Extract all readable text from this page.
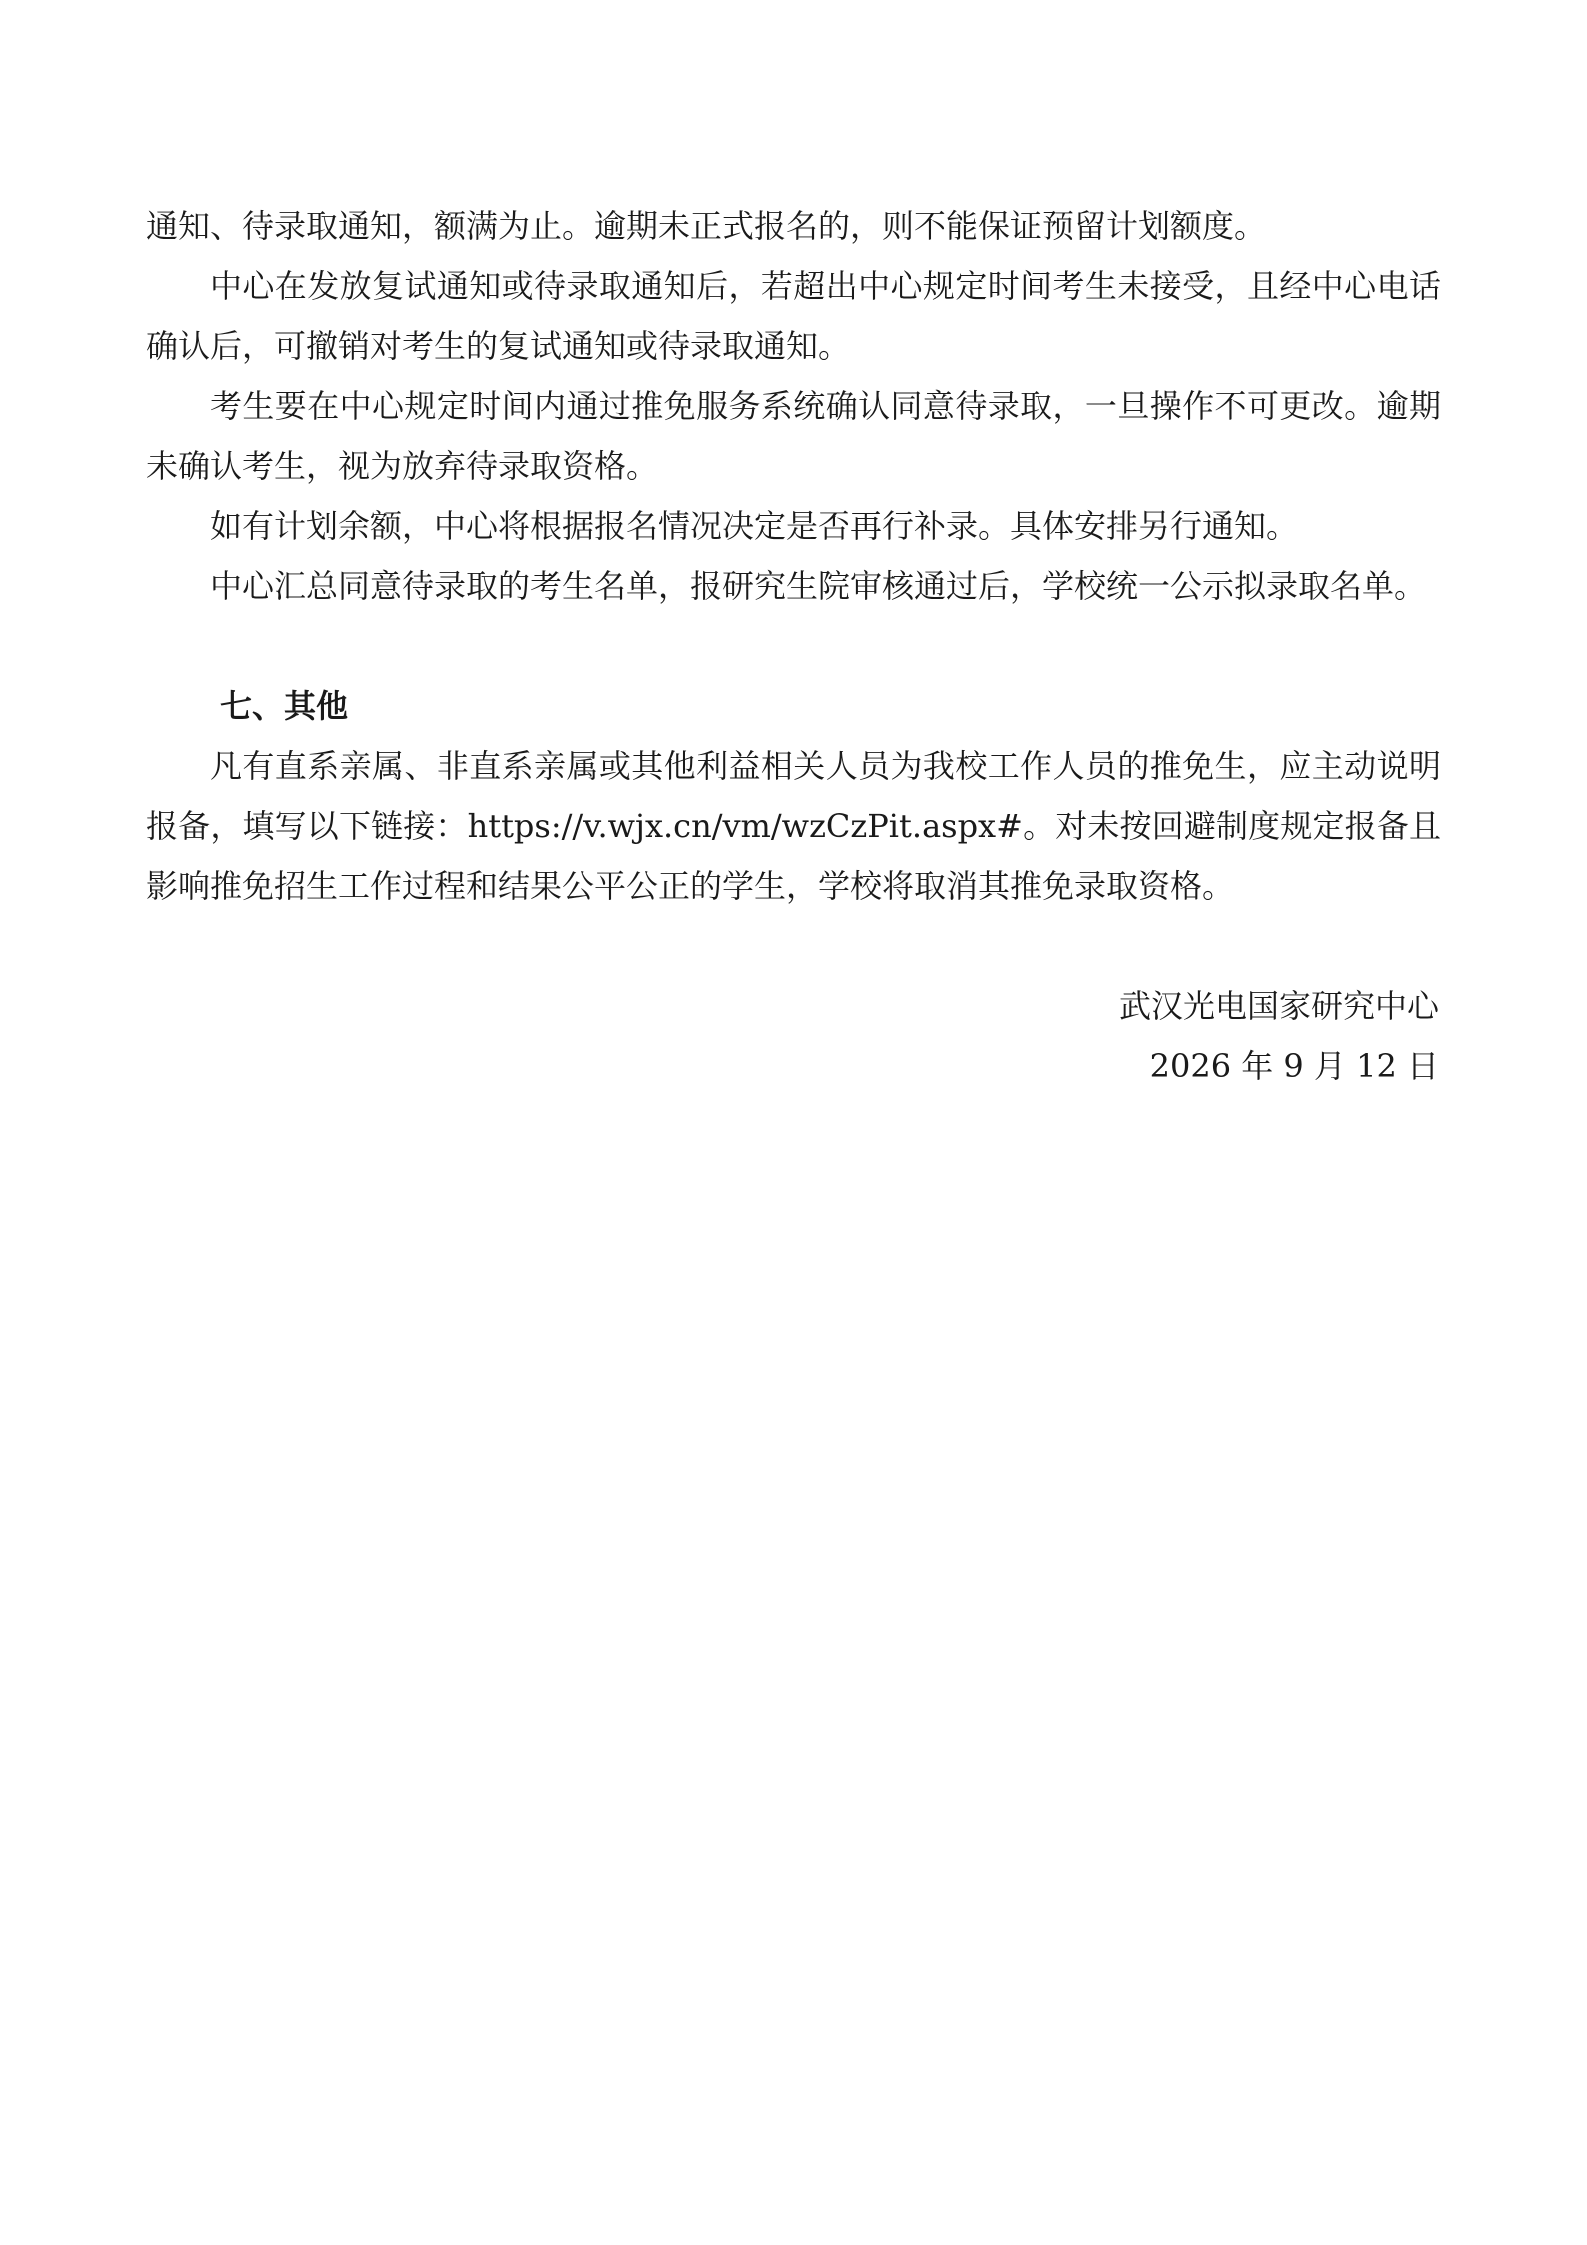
通知、待录取通知，额满为止。逾期未正式报名的，则不能保证预留计划额度。

中心在发放复试通知或待录取通知后，若超出中心规定时间考生未接受，且经中心电话确认后，可撤销对考生的复试通知或待录取通知。

考生要在中心规定时间内通过推免服务系统确认同意待录取，一旦操作不可更改。逾期未确认考生，视为放弃待录取资格。

如有计划余额，中心将根据报名情况决定是否再行补录。具体安排另行通知。

中心汇总同意待录取的考生名单，报研究生院审核通过后，学校统一公示拟录取名单。

七、其他

凡有直系亲属、非直系亲属或其他利益相关人员为我校工作人员的推免生，应主动说明报备，填写以下链接：https://v.wjx.cn/vm/wzCzPit.aspx#。对未按回避制度规定报备且影响推免招生工作过程和结果公平公正的学生，学校将取消其推免录取资格。

武汉光电国家研究中心
2026 年 9 月 12 日
